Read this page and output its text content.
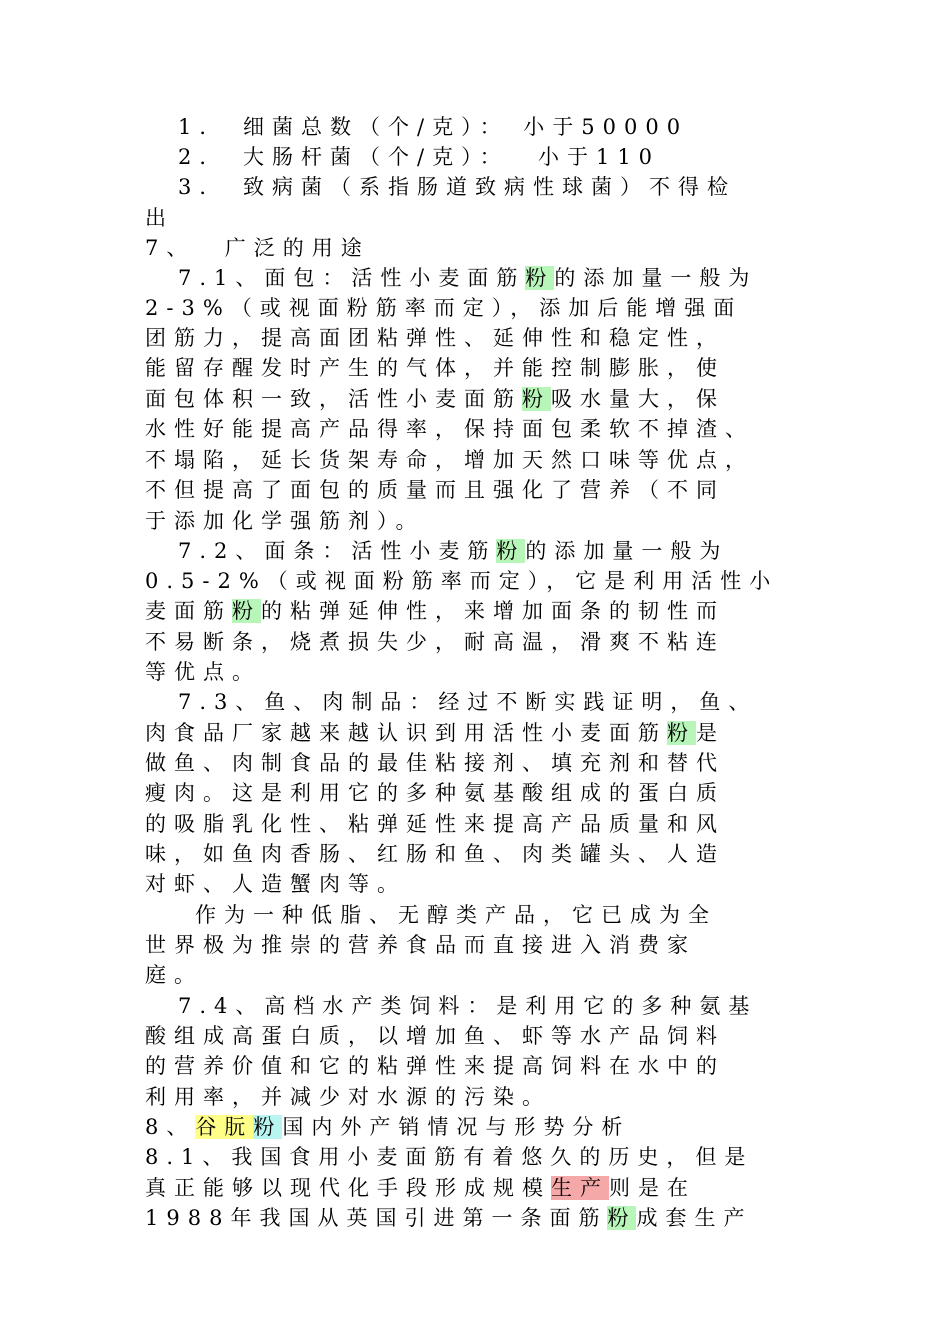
1． 细菌总数（个/克）： 小于50000
2． 大肠杆菌（个/克）：  小于110
3． 致病菌（系指肠道致病性球菌）不得检
出
7、  广泛的用途
7.1、面包：活性小麦面筋粉的添加量一般为
2-3%（或视面粉筋率而定），添加后能增强面
团筋力，提高面团粘弹性、延伸性和稳定性，
能留存醒发时产生的气体，并能控制膨胀，使
面包体积一致，活性小麦面筋粉吸水量大，保
水性好能提高产品得率，保持面包柔软不掉渣、
不塌陷，延长货架寿命，增加天然口味等优点，
不但提高了面包的质量而且强化了营养（不同
于添加化学强筋剂）。
7.2、面条：活性小麦筋粉的添加量一般为
0.5-2%（或视面粉筋率而定），它是利用活性小
麦面筋粉的粘弹延伸性，来增加面条的韧性而
不易断条，烧煮损失少，耐高温，滑爽不粘连
等优点。
7.3、鱼、肉制品：经过不断实践证明，鱼、
肉食品厂家越来越认识到用活性小麦面筋粉是
做鱼、肉制食品的最佳粘接剂、填充剂和替代
瘦肉。这是利用它的多种氨基酸组成的蛋白质
的吸脂乳化性、粘弹延性来提高产品质量和风
味，如鱼肉香肠、红肠和鱼、肉类罐头、人造
对虾、人造蟹肉等。
作为一种低脂、无醇类产品，它已成为全
世界极为推崇的营养食品而直接进入消费家
庭。
7.4、高档水产类饲料：是利用它的多种氨基
酸组成高蛋白质，以增加鱼、虾等水产品饲料
的营养价值和它的粘弹性来提高饲料在水中的
利用率，并减少对水源的污染。
8、谷朊粉国内外产销情况与形势分析
8.1、我国食用小麦面筋有着悠久的历史，但是
真正能够以现代化手段形成规模生产则是在
1988年我国从英国引进第一条面筋粉成套生产
